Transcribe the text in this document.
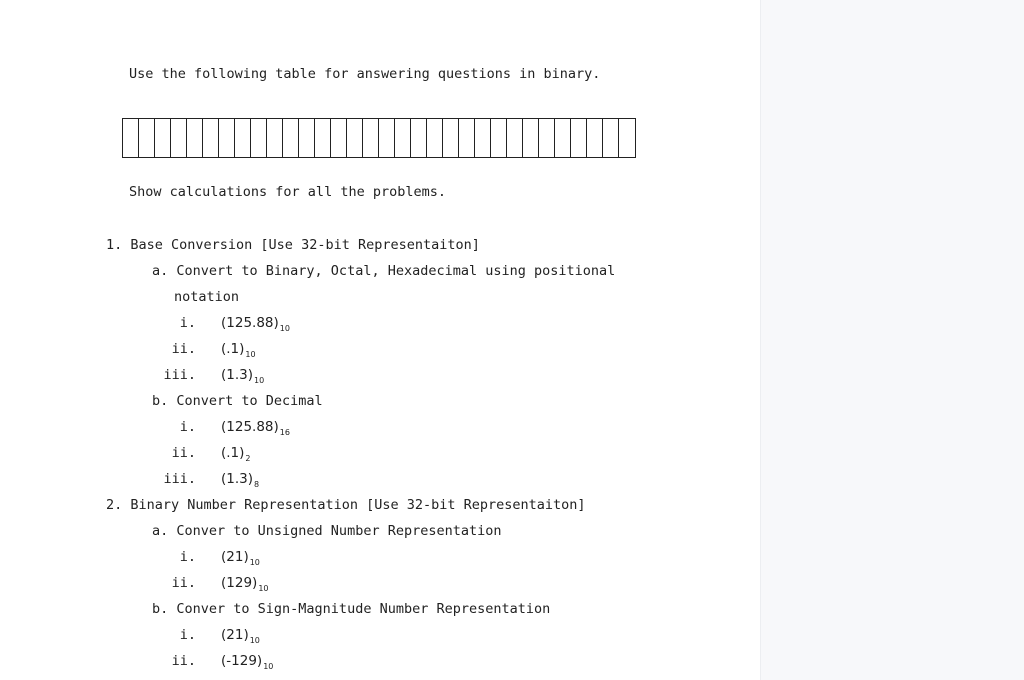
Use the following table for answering questions in binary.
Show calculations for all the problems.
1. Base Conversion [Use 32-bit Representaiton]
a. Convert to Binary, Octal, Hexadecimal using positional
notation
i. $(125.88)_{10}$
ii. $(.1)_{10}$
iii. $(1.3)_{10}$
b. Convert to Decimal
i. $(125.88)_{16}$
ii. $(.1)_2$
iii. $(1.3)_8$
2. Binary Number Representation [Use 32-bit Representaiton]
a. Conver to Unsigned Number Representation
i. $(21)_{10}$
ii. $(129)_{10}$
b. Conver to Sign-Magnitude Number Representation
i. $(21)_{10}$
ii. $(-129)_{10}$
